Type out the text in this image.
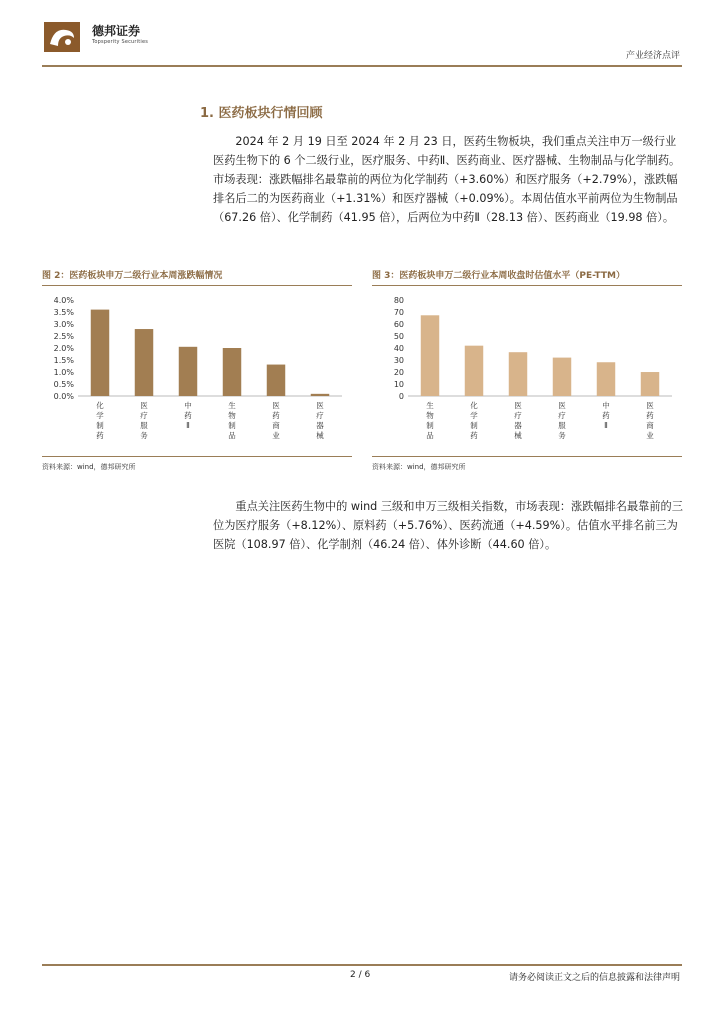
德邦证券
Topsperity Securities
产业经济点评
1. 医药板块行情回顾

2024 年 2 月 19 日至 2024 年 2 月 23 日，医药生物板块，我们重点关注申万一级行业医药生物下的 6 个二级行业，医疗服务、中药Ⅱ、医药商业、医疗器械、生物制品与化学制药。市场表现：涨跌幅排名最靠前的两位为化学制药（+3.60%）和医疗服务（+2.79%），涨跌幅排名后二的为医药商业（+1.31%）和医疗器械（+0.09%）。本周估值水平前两位为生物制品（67.26 倍）、化学制药（41.95 倍），后两位为中药Ⅱ（28.13 倍）、医药商业（19.98 倍）。

图 2：医药板块申万二级行业本周涨跌幅情况
0.0%
0.5%
1.0%
1.5%
2.0%
2.5%
3.0%
3.5%
4.0%
化学制药
医疗服务
中药 Ⅱ
生物制品
医药商业
医疗器械
资料来源：wind，德邦研究所
图 3：医药板块申万二级行业本周收盘时估值水平（PE-TTM）
0
10
20
30
40
50
60
70
80
生物制品
化学制药
医疗器械
医疗服务
中药 Ⅱ
医药商业
资料来源：wind，德邦研究所

重点关注医药生物中的 wind 三级和申万三级相关指数，市场表现：涨跌幅排名最靠前的三位为医疗服务（+8.12%）、原料药（+5.76%）、医药流通（+4.59%）。估值水平排名前三为医院（108.97 倍）、化学制剂（46.24 倍）、体外诊断（44.60 倍）。

2 / 6	请务必阅读正文之后的信息披露和法律声明
